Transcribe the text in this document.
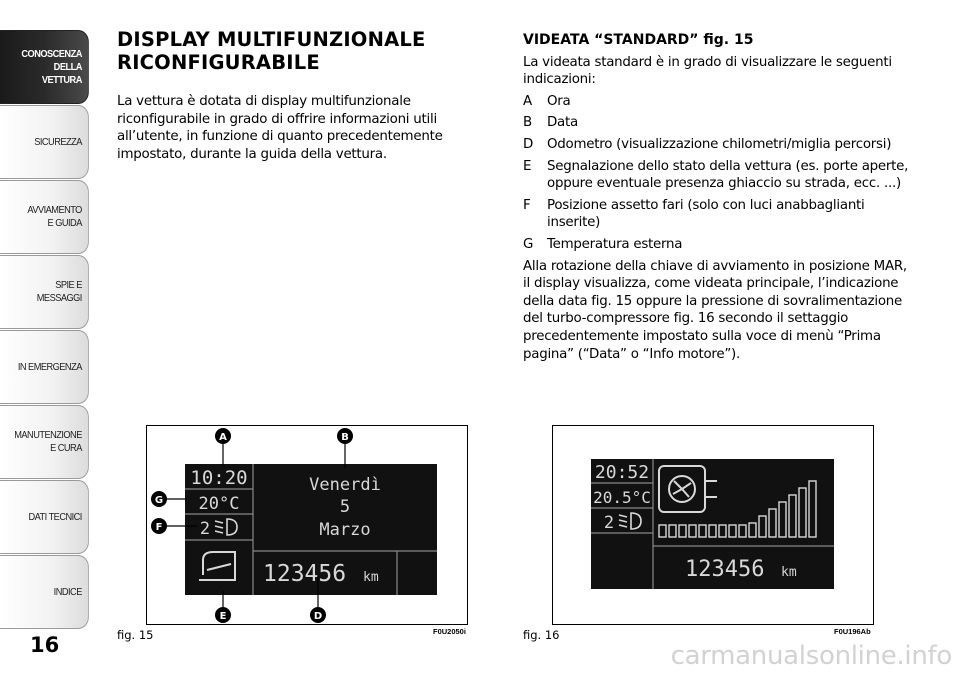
CONOSCENZA
DELLA
VETTURA
SICUREZZA
AVVIAMENTO
E GUIDA
SPIE E
MESSAGGI
IN EMERGENZA
MANUTENZIONE
E CURA
DATI TECNICI
INDICE
16
DISPLAY MULTIFUNZIONALE
RICONFIGURABILE

La vettura è dotata di display multifunzionale riconfigurabile in grado di offrire informazioni utili all’utente, in funzione di quanto precedentemente impostato, durante la guida della vettura.

VIDEATA “STANDARD” fig. 15
La videata standard è in grado di visualizzare le seguenti indicazioni:
A	Ora
B	Data
D	Odometro (visualizzazione chilometri/miglia percorsi)
E	Segnalazione dello stato della vettura (es. porte aperte, oppure eventuale presenza ghiaccio su strada, ecc. ...)
F	Posizione assetto fari (solo con luci anabbaglianti inserite)
G	Temperatura esterna

Alla rotazione della chiave di avviamento in posizione MAR, il display visualizza, come videata principale, l’indicazione della data fig. 15 oppure la pressione di sovralimentazione del turbo-compressore fig. 16 secondo il settaggio precedentemente impostato sulla voce di menù “Prima pagina” (“Data” o “Info motore”).

10:20
20°C
2
Venerdì
5
Marzo
123456 km
A	B
G
F
E	D
fig. 15	F0U2050i
20:52
20.5°C
2
123456 km
fig. 16	F0U196Ab
carmanualsonline.info
